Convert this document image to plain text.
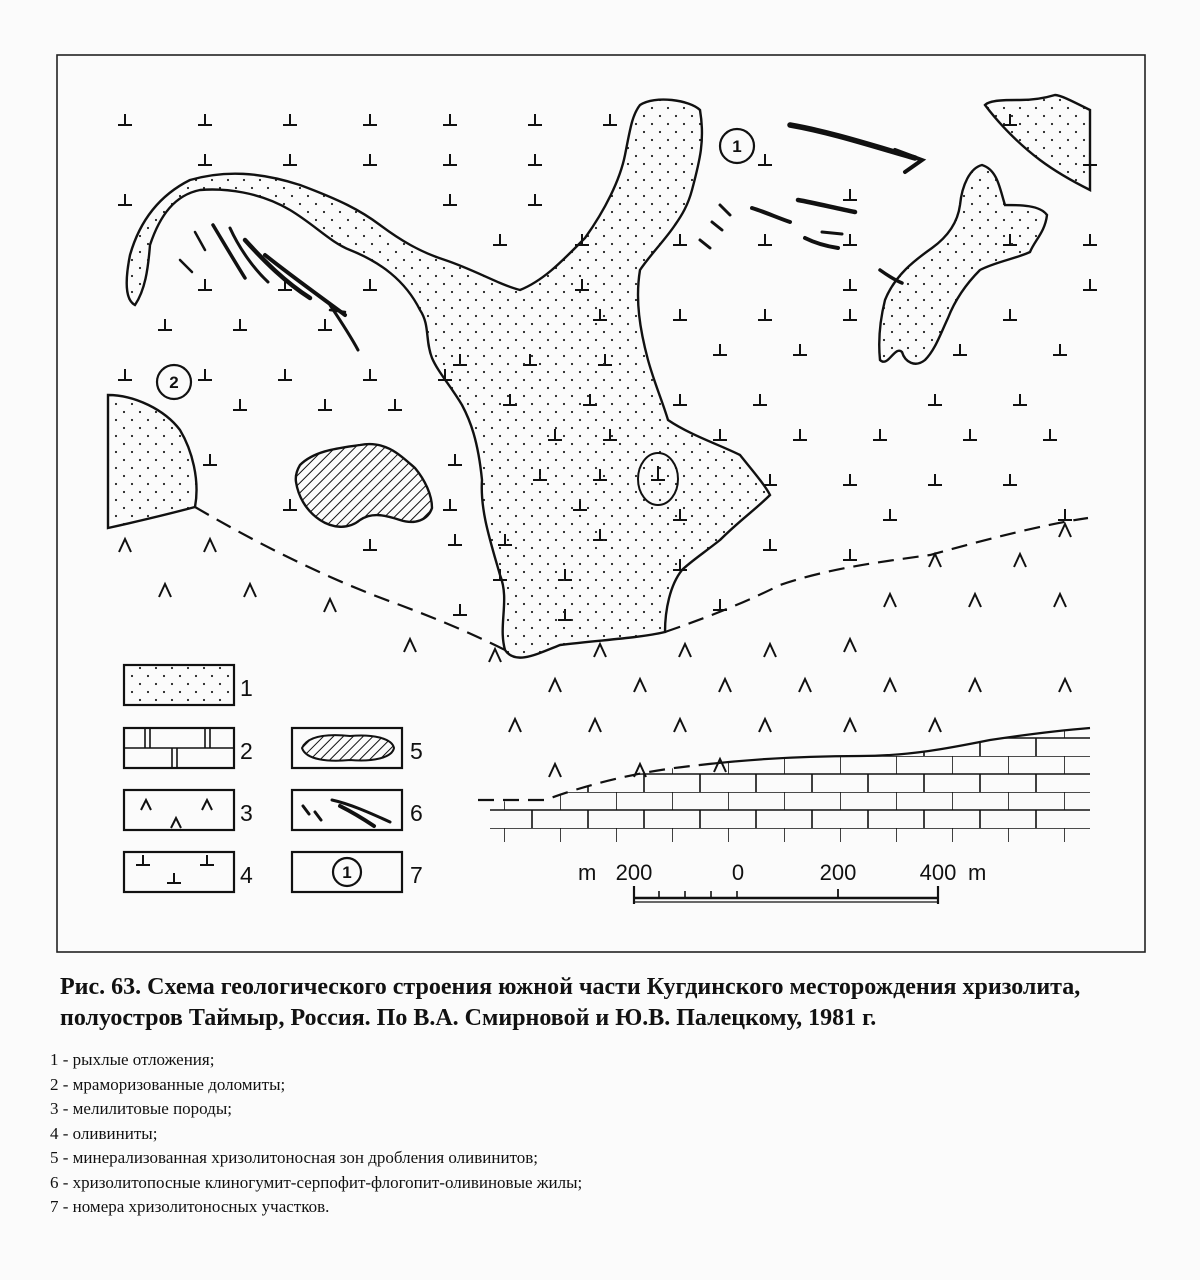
1
2
1
2
3
4
5
6
1	7	m 200	0	200	400 m

Рис. 63. Схема геологического строения южной части Кугдинского месторождения хризолита, полуостров Таймыр, Россия. По В.А. Смирновой и Ю.В. Палецкому, 1981 г.

1 - рыхлые отложения;
2 - мраморизованные доломиты;
3 - мелилитовые породы;
4 - оливиниты;
5 - минерализованная хризолитоносная зон дробления оливинитов;
6 - хризолитопосные клиногумит-серпофит-флогопит-оливиновые жилы;
7 - номера хризолитоносных участков.
